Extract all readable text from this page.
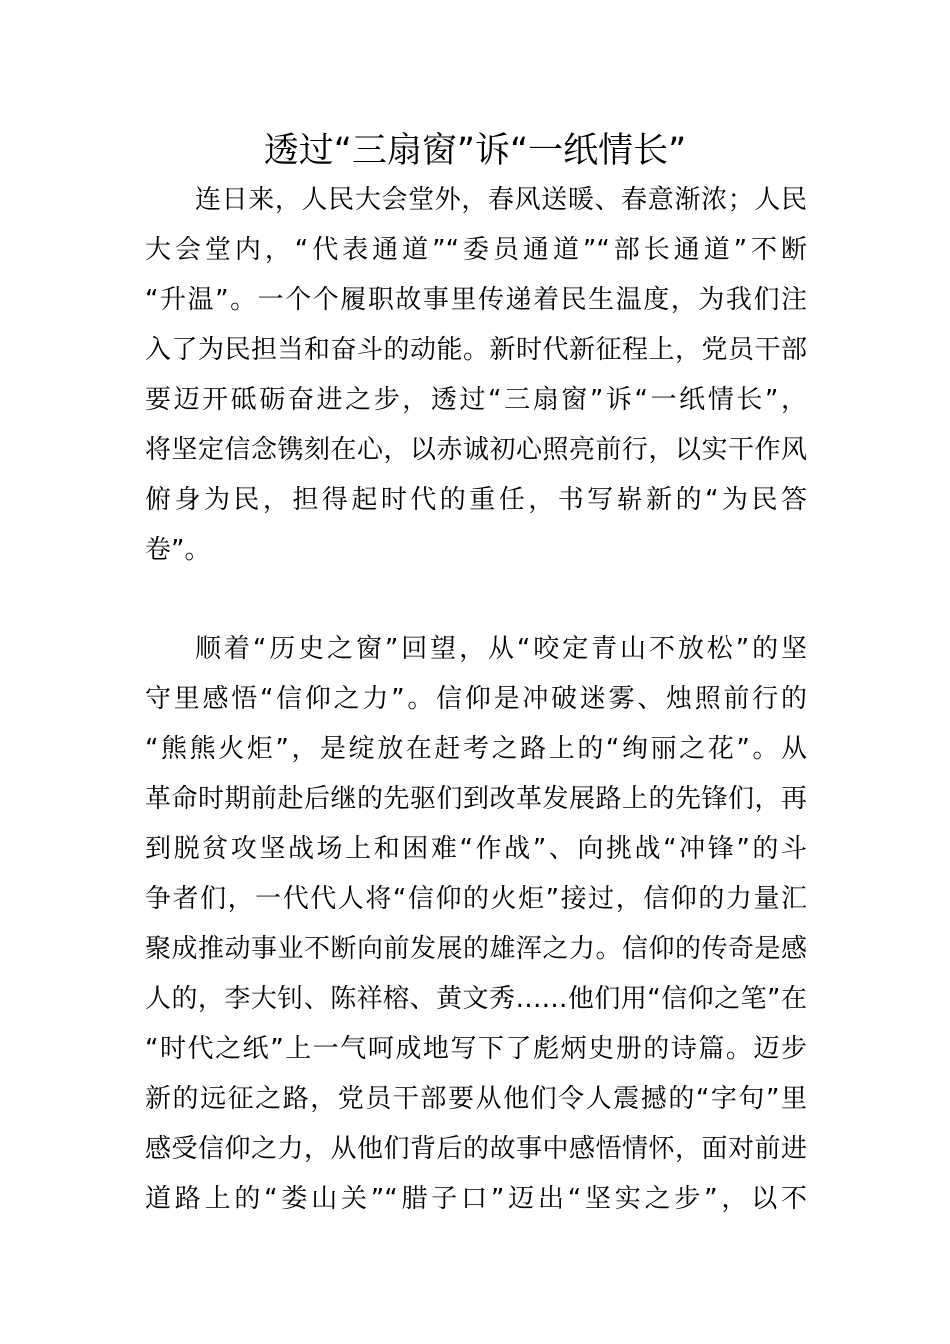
透过“三扇窗”诉“一纸情长”
连日来，人民大会堂外，春风送暖、春意渐浓；人民
大会堂内，“代表通道”“委员通道”“部长通道”不断
“升温”。一个个履职故事里传递着民生温度，为我们注
入了为民担当和奋斗的动能。新时代新征程上，党员干部
要迈开砥砺奋进之步，透过“三扇窗”诉“一纸情长”，
将坚定信念镌刻在心，以赤诚初心照亮前行，以实干作风
俯身为民，担得起时代的重任，书写崭新的“为民答
卷”。
顺着“历史之窗”回望，从“咬定青山不放松”的坚
守里感悟“信仰之力”。信仰是冲破迷雾、烛照前行的
“熊熊火炬”，是绽放在赶考之路上的“绚丽之花”。从
革命时期前赴后继的先驱们到改革发展路上的先锋们，再
到脱贫攻坚战场上和困难“作战”、向挑战“冲锋”的斗
争者们，一代代人将“信仰的火炬”接过，信仰的力量汇
聚成推动事业不断向前发展的雄浑之力。信仰的传奇是感
人的，李大钊、陈祥榕、黄文秀……他们用“信仰之笔”在
“时代之纸”上一气呵成地写下了彪炳史册的诗篇。迈步
新的远征之路，党员干部要从他们令人震撼的“字句”里
感受信仰之力，从他们背后的故事中感悟情怀，面对前进
道路上的“娄山关”“腊子口”迈出“坚实之步”，以不
